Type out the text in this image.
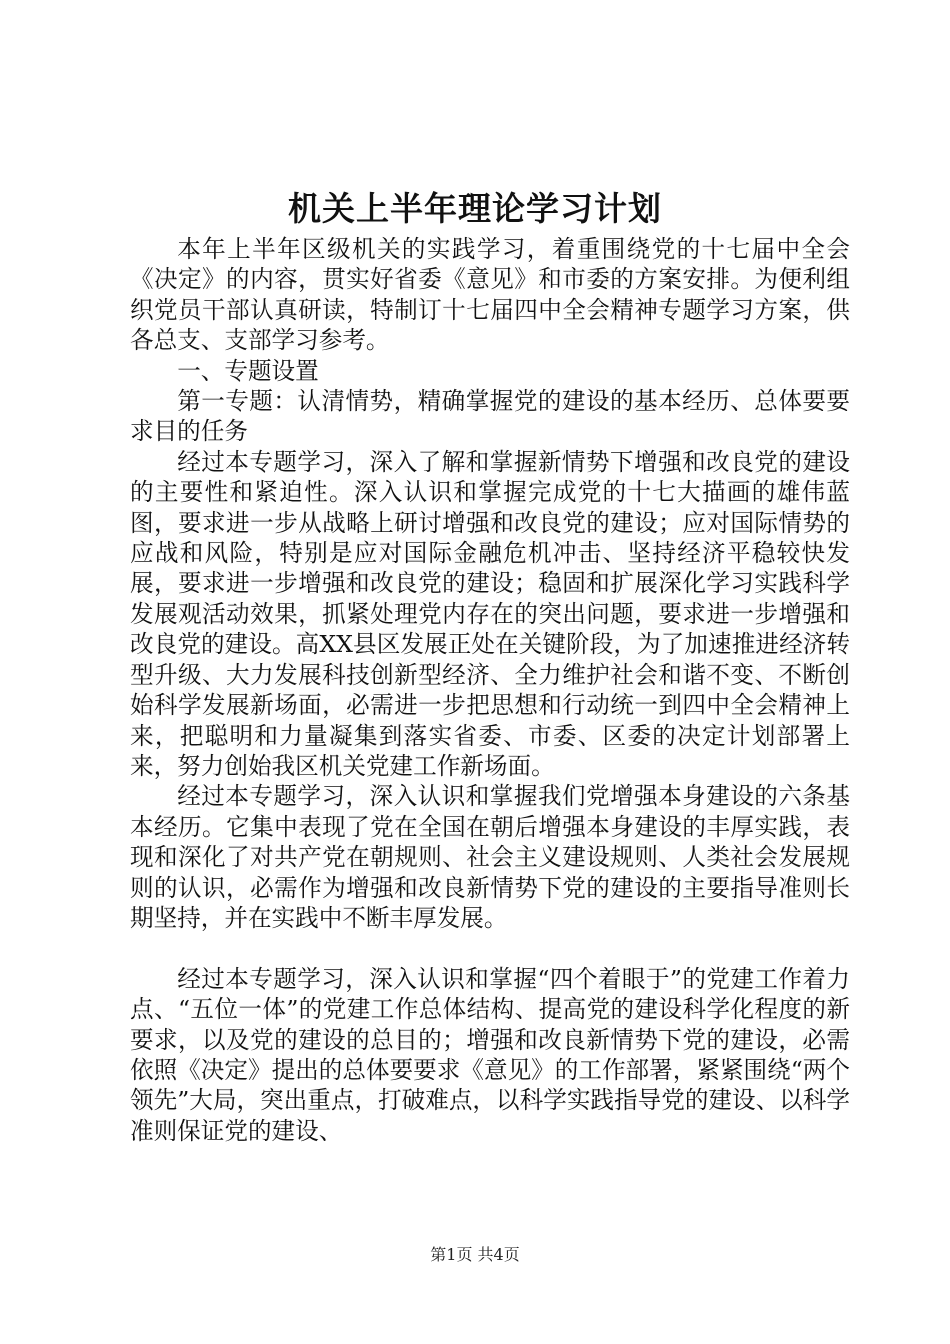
机关上半年理论学习计划

本年上半年区级机关的实践学习，着重围绕党的十七届中全会《决定》的内容，贯实好省委《意见》和市委的方案安排。为便利组织党员干部认真研读，特制订十七届四中全会精神专题学习方案，供各总支、支部学习参考。

一、专题设置

第一专题：认清情势，精确掌握党的建设的基本经历、总体要要求目的任务

经过本专题学习，深入了解和掌握新情势下增强和改良党的建设的主要性和紧迫性。深入认识和掌握完成党的十七大描画的雄伟蓝图，要求进一步从战略上研讨增强和改良党的建设；应对国际情势的应战和风险，特别是应对国际金融危机冲击、坚持经济平稳较快发展，要求进一步增强和改良党的建设；稳固和扩展深化学习实践科学发展观活动效果，抓紧处理党内存在的突出问题，要求进一步增强和改良党的建设。高XX县区发展正处在关键阶段，为了加速推进经济转型升级、大力发展科技创新型经济、全力维护社会和谐不变、不断创始科学发展新场面，必需进一步把思想和行动统一到四中全会精神上来，把聪明和力量凝集到落实省委、市委、区委的决定计划部署上来，努力创始我区机关党建工作新场面。

经过本专题学习，深入认识和掌握我们党增强本身建设的六条基本经历。它集中表现了党在全国在朝后增强本身建设的丰厚实践，表现和深化了对共产党在朝规则、社会主义建设规则、人类社会发展规则的认识，必需作为增强和改良新情势下党的建设的主要指导准则长期坚持，并在实践中不断丰厚发展。

经过本专题学习，深入认识和掌握“四个着眼于”的党建工作着力点、“五位一体”的党建工作总体结构、提高党的建设科学化程度的新要求，以及党的建设的总目的；增强和改良新情势下党的建设，必需依照《决定》提出的总体要要求《意见》的工作部署，紧紧围绕“两个领先”大局，突出重点，打破难点，以科学实践指导党的建设、以科学准则保证党的建设、

第1页 共4页
